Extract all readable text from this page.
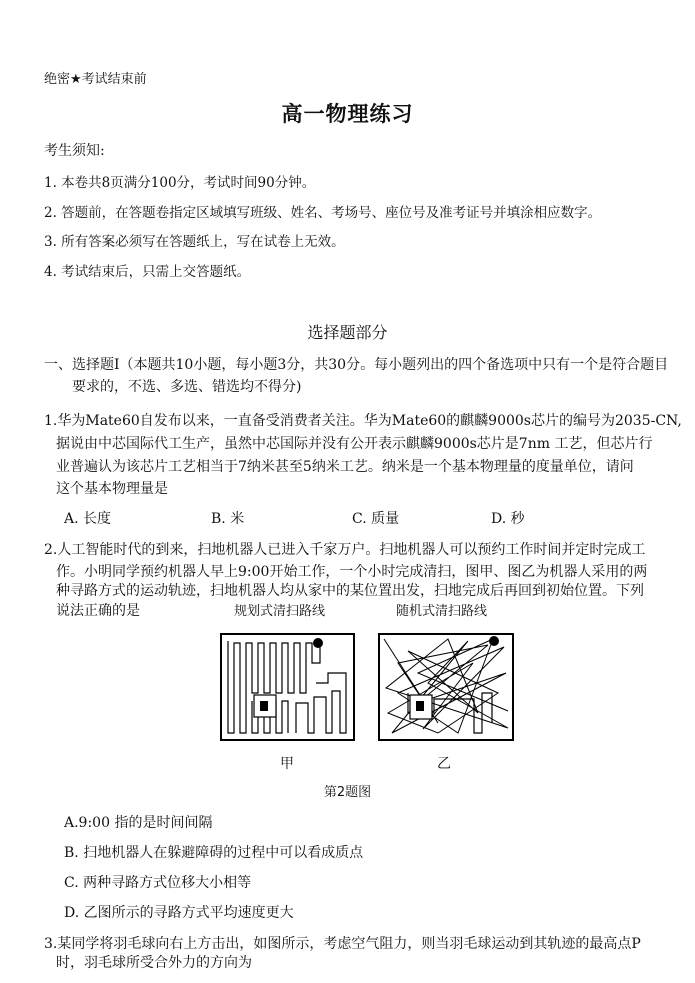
绝密★考试结束前
高一物理练习
考生须知:
1. 本卷共8页满分100分，考试时间90分钟。
2. 答题前，在答题卷指定区域填写班级、姓名、考场号、座位号及准考证号并填涂相应数字。
3. 所有答案必须写在答题纸上，写在试卷上无效。
4. 考试结束后，只需上交答题纸。
选择题部分
一、选择题I（本题共10小题，每小题3分，共30分。每小题列出的四个备选项中只有一个是符合题目
要求的，不选、多选、错选均不得分)
1.华为Mate60自发布以来，一直备受消费者关注。华为Mate60的麒麟9000s芯片的编号为2035-CN,
据说由中芯国际代工生产，虽然中芯国际并没有公开表示麒麟9000s芯片是7nm 工艺，但芯片行
业普遍认为该芯片工艺相当于7纳米甚至5纳米工艺。纳米是一个基本物理量的度量单位，请问
这个基本物理量是
A. 长度	B. 米	C. 质量	D. 秒
2.人工智能时代的到来，扫地机器人已进入千家万户。扫地机器人可以预约工作时间并定时完成工
作。小明同学预约机器人早上9:00开始工作，一个小时完成清扫，图甲、图乙为机器人采用的两
种寻路方式的运动轨迹，扫地机器人均从家中的某位置出发，扫地完成后再回到初始位置。下列
说法正确的是	规划式清扫路线	随机式清扫路线
甲	乙
第2题图
A.9:00 指的是时间间隔
B. 扫地机器人在躲避障碍的过程中可以看成质点
C. 两种寻路方式位移大小相等
D. 乙图所示的寻路方式平均速度更大
3.某同学将羽毛球向右上方击出，如图所示，考虑空气阻力，则当羽毛球运动到其轨迹的最高点P
时，羽毛球所受合外力的方向为
